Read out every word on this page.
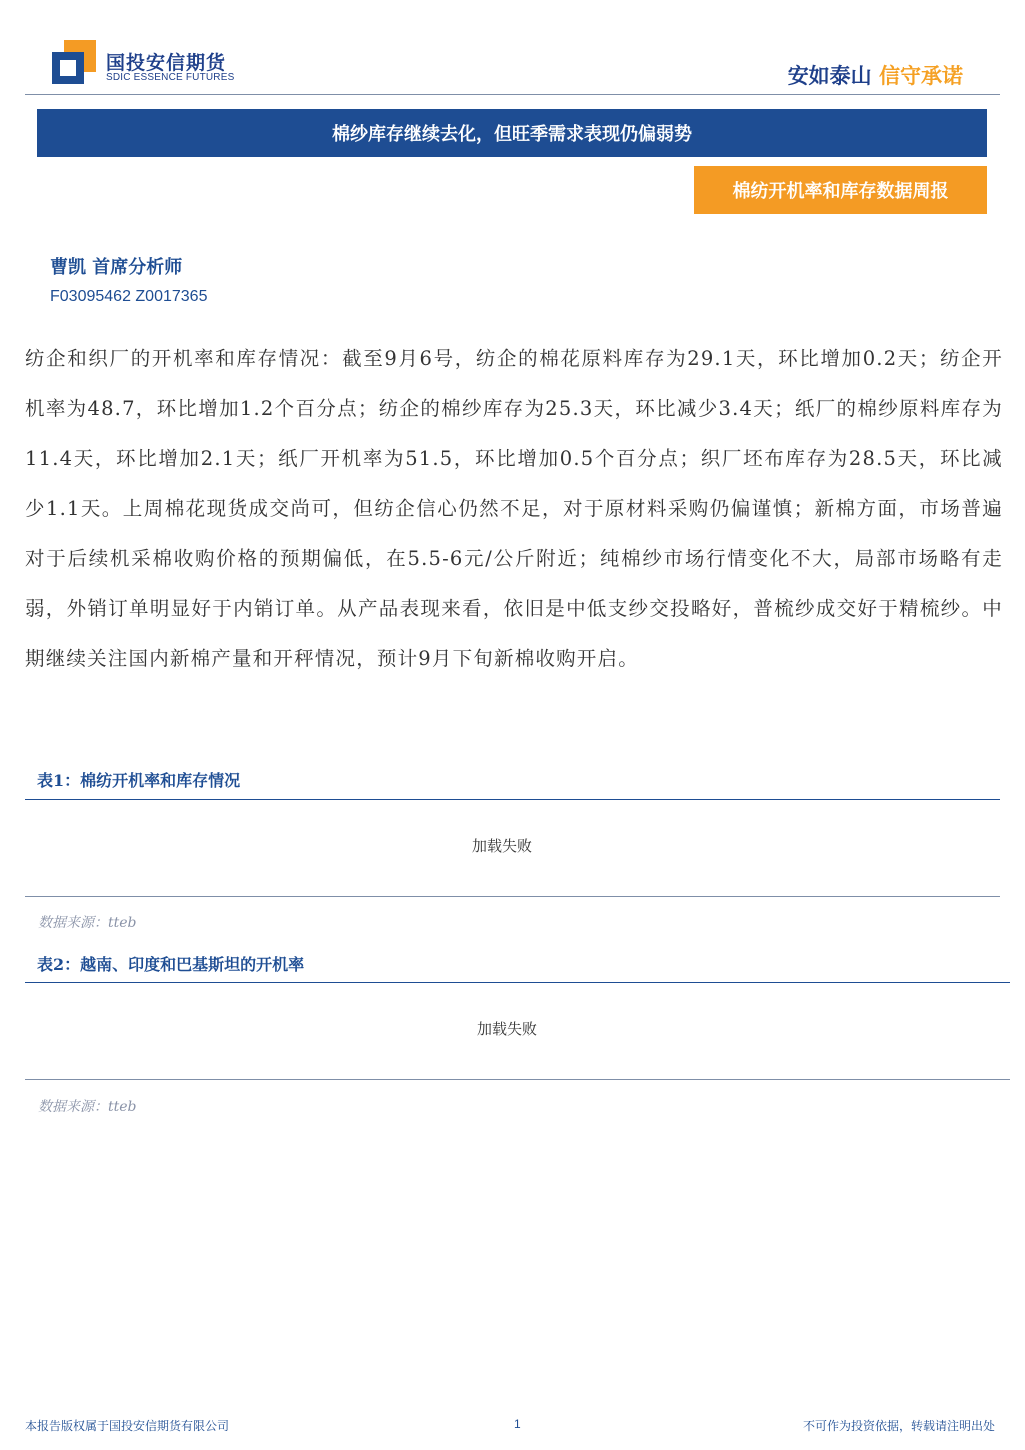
国投安信期货
SDIC ESSENCE FUTURES	安如泰山 信守承诺
棉纱库存继续去化，但旺季需求表现仍偏弱势
棉纺开机率和库存数据周报
曹凯 首席分析师
F03095462 Z0017365

纺企和织厂的开机率和库存情况：截至9月6号，纺企的棉花原料库存为29.1天，环比增加0.2天；纺企开机率为48.7，环比增加1.2个百分点；纺企的棉纱库存为25.3天，环比减少3.4天；纸厂的棉纱原料库存为11.4天，环比增加2.1天；纸厂开机率为51.5，环比增加0.5个百分点；织厂坯布库存为28.5天，环比减少1.1天。上周棉花现货成交尚可，但纺企信心仍然不足，对于原材料采购仍偏谨慎；新棉方面，市场普遍对于后续机采棉收购价格的预期偏低，在5.5-6元/公斤附近；纯棉纱市场行情变化不大，局部市场略有走弱，外销订单明显好于内销订单。从产品表现来看，依旧是中低支纱交投略好，普梳纱成交好于精梳纱。中期继续关注国内新棉产量和开秤情况，预计9月下旬新棉收购开启。

表1：棉纺开机率和库存情况
加载失败
数据来源：tteb
表2：越南、印度和巴基斯坦的开机率
加载失败
数据来源：tteb
本报告版权属于国投安信期货有限公司	1	不可作为投资依据，转载请注明出处
